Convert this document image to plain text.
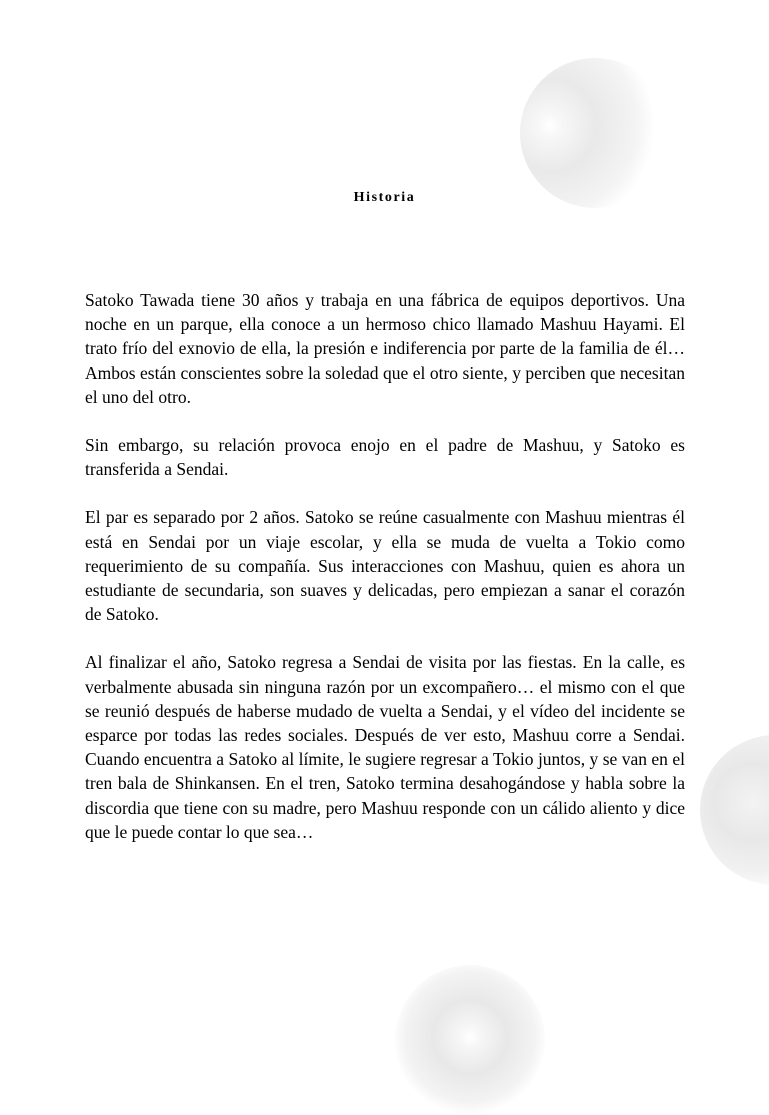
Historia

Satoko Tawada tiene 30 años y trabaja en una fábrica de equipos deportivos. Una noche en un parque, ella conoce a un hermoso chico llamado Mashuu Hayami. El trato frío del exnovio de ella, la presión e indiferencia por parte de la familia de él… Ambos están conscientes sobre la soledad que el otro siente, y perciben que necesitan el uno del otro.

Sin embargo, su relación provoca enojo en el padre de Mashuu, y Satoko es transferida a Sendai.

El par es separado por 2 años. Satoko se reúne casualmente con Mashuu mientras él está en Sendai por un viaje escolar, y ella se muda de vuelta a Tokio como requerimiento de su compañía. Sus interacciones con Mashuu, quien es ahora un estudiante de secundaria, son suaves y delicadas, pero empiezan a sanar el corazón de Satoko.

Al finalizar el año, Satoko regresa a Sendai de visita por las fiestas. En la calle, es verbalmente abusada sin ninguna razón por un excompañero… el mismo con el que se reunió después de haberse mudado de vuelta a Sendai, y el vídeo del incidente se esparce por todas las redes sociales. Después de ver esto, Mashuu corre a Sendai. Cuando encuentra a Satoko al límite, le sugiere regresar a Tokio juntos, y se van en el tren bala de Shinkansen. En el tren, Satoko termina desahogándose y habla sobre la discordia que tiene con su madre, pero Mashuu responde con un cálido aliento y dice que le puede contar lo que sea…
